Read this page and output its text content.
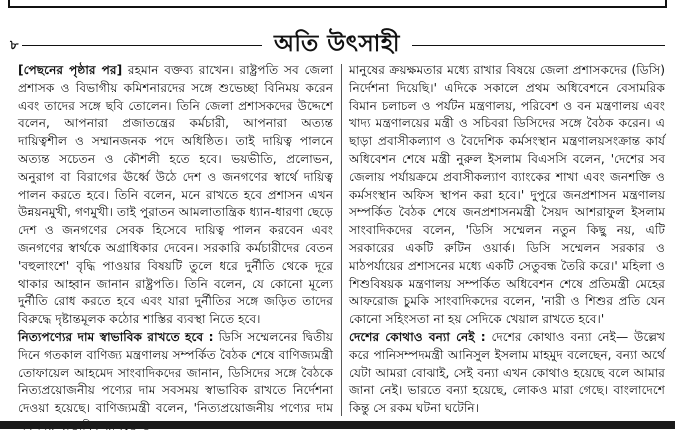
৮	অতি উৎসাহী

[পেছনের পৃষ্ঠার পর] রহমান বক্তব্য রাখেন। রাষ্ট্রপতি সব জেলা প্রশাসক ও বিভাগীয় কমিশনারদের সঙ্গে শুভেচ্ছা বিনিময় করেন এবং তাদের সঙ্গে ছবি তোলেন। তিনি জেলা প্রশাসকদের উদ্দেশে বলেন, আপনারা প্রজাতন্ত্রের কর্মচারী, আপনারা অত্যন্ত দায়িত্বশীল ও সম্মানজনক পদে অধিষ্ঠিত। তাই দায়িত্ব পালনে অত্যন্ত সচেতন ও কৌশলী হতে হবে। ভয়ভীতি, প্রলোভন, অনুরাগ বা বিরাগের ঊর্ধ্বে উঠে দেশ ও জনগণের স্বার্থে দায়িত্ব পালন করতে হবে। তিনি বলেন, মনে রাখতে হবে প্রশাসন এখন উন্নয়নমুখী, গণমুখী। তাই পুরাতন আমলাতান্ত্রিক ধ্যান-ধারণা ছেড়ে দেশ ও জনগণের সেবক হিসেবে দায়িত্ব পালন করবেন এবং জনগণের স্বার্থকে অগ্রাধিকার দেবেন। সরকারি কর্মচারীদের বেতন 'বহুলাংশে' বৃদ্ধি পাওয়ার বিষয়টি তুলে ধরে দুর্নীতি থেকে দূরে থাকার আহ্বান জানান রাষ্ট্রপতি। তিনি বলেন, যে কোনো মূল্যে দুর্নীতি রোধ করতে হবে এবং যারা দুর্নীতির সঙ্গে জড়িত তাদের বিরুদ্ধে দৃষ্টান্তমূলক কঠোর শাস্তির ব্যবস্থা নিতে হবে।

নিত্যপণ্যের দাম স্বাভাবিক রাখতে হবে : ডিসি সম্মেলনের দ্বিতীয় দিনে গতকাল বাণিজ্য মন্ত্রণালয় সম্পর্কিত বৈঠক শেষে বাণিজ্যমন্ত্রী তোফায়েল আহমেদ সাংবাদিকদের জানান, ডিসিদের সঙ্গে বৈঠকে নিত্যপ্রয়োজনীয় পণ্যের দাম সবসময় স্বাভাবিক রাখতে নির্দেশনা দেওয়া হয়েছে। বাণিজ্যমন্ত্রী বলেন, 'নিত্যপ্রয়োজনীয় পণ্যের দাম

মানুষের ক্রয়ক্ষমতার মধ্যে রাখার বিষয়ে জেলা প্রশাসকদের (ডিসি) নির্দেশনা দিয়েছি।' এদিকে সকালে প্রথম অধিবেশনে বেসামরিক বিমান চলাচল ও পর্যটন মন্ত্রণালয়, পরিবেশ ও বন মন্ত্রণালয় এবং খাদ্য মন্ত্রণালয়ের মন্ত্রী ও সচিবরা ডিসিদের সঙ্গে বৈঠক করেন। এ ছাড়া প্রবাসীকল্যাণ ও বৈদেশিক কর্মসংস্থান মন্ত্রণালয়সংক্রান্ত কার্য অধিবেশন শেষে মন্ত্রী নুরুল ইসলাম বিএসসি বলেন, 'দেশের সব জেলায় পর্যায়ক্রমে প্রবাসীকল্যাণ ব্যাংকের শাখা এবং জনশক্তি ও কর্মসংস্থান অফিস স্থাপন করা হবে।' দুপুরে জনপ্রশাসন মন্ত্রণালয় সম্পর্কিত বৈঠক শেষে জনপ্রশাসনমন্ত্রী সৈয়দ আশরাফুল ইসলাম সাংবাদিকদের বলেন, 'ডিসি সম্মেলন নতুন কিছু নয়, এটি সরকারের একটি রুটিন ওয়ার্ক। ডিসি সম্মেলন সরকার ও মাঠপর্যায়ের প্রশাসনের মধ্যে একটি সেতুবন্ধ তৈরি করে।' মহিলা ও শিশুবিষয়ক মন্ত্রণালয় সম্পর্কিত অধিবেশন শেষে প্রতিমন্ত্রী মেহের আফরোজ চুমকি সাংবাদিকদের বলেন, 'নারী ও শিশুর প্রতি যেন কোনো সহিংসতা না হয় সেদিকে খেয়াল রাখতে হবে।'

দেশের কোথাও বন্যা নেই : দেশের কোথাও বন্যা নেই— উল্লেখ করে পানিসম্পদমন্ত্রী আনিসুল ইসলাম মাহমুদ বলেছেন, বন্যা অর্থে যেটা আমরা বোঝাই, সেই বন্যা এখন কোথাও হয়েছে বলে আমার জানা নেই। ভারতে বন্যা হয়েছে, লোকও মারা গেছে। বাংলাদেশে কিন্তু সে রকম ঘটনা ঘটেনি।
